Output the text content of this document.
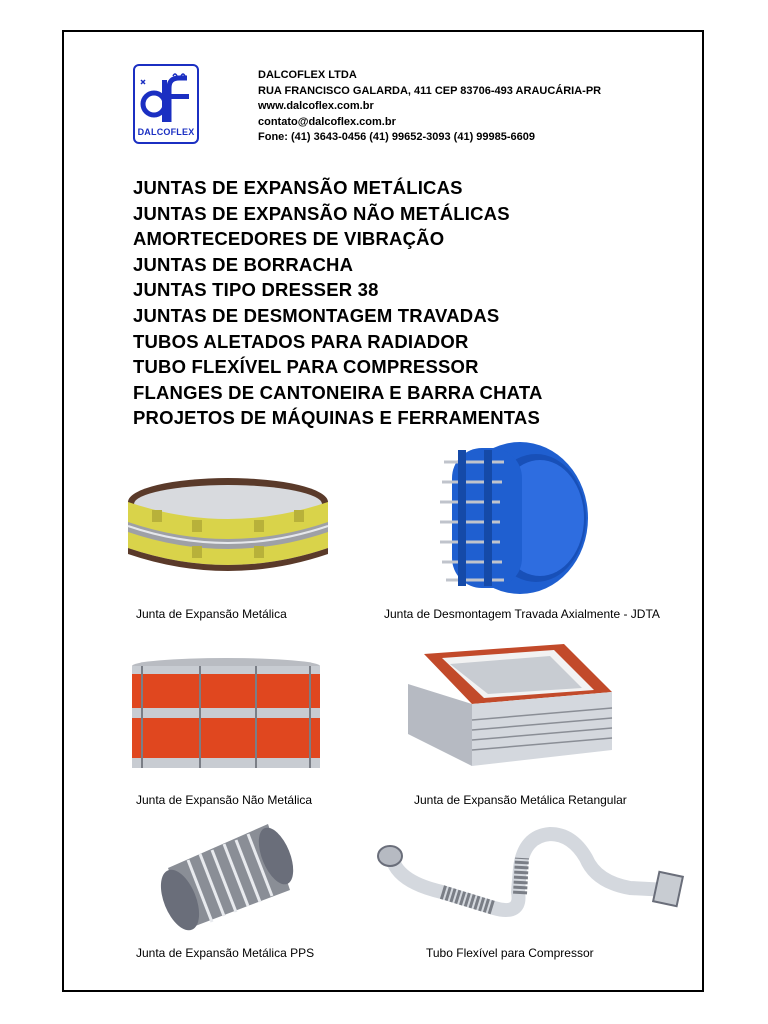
DALCOFLEX
DALCOFLEX LTDA
RUA FRANCISCO GALARDA, 411 CEP 83706-493 ARAUCÁRIA-PR
www.dalcoflex.com.br
contato@dalcoflex.com.br
Fone: (41) 3643-0456 (41) 99652-3093 (41) 99985-6609
JUNTAS DE EXPANSÃO METÁLICAS
JUNTAS DE EXPANSÃO NÃO METÁLICAS
AMORTECEDORES DE VIBRAÇÃO
JUNTAS DE BORRACHA
JUNTAS TIPO DRESSER 38
JUNTAS DE DESMONTAGEM TRAVADAS
TUBOS ALETADOS PARA RADIADOR
TUBO FLEXÍVEL PARA COMPRESSOR
FLANGES DE CANTONEIRA E BARRA CHATA
PROJETOS DE MÁQUINAS E FERRAMENTAS
Junta de Expansão Metálica	Junta de Desmontagem Travada Axialmente - JDTA
Junta de Expansão Não Metálica	Junta de Expansão Metálica Retangular
Junta de Expansão Metálica PPS	Tubo Flexível para Compressor
